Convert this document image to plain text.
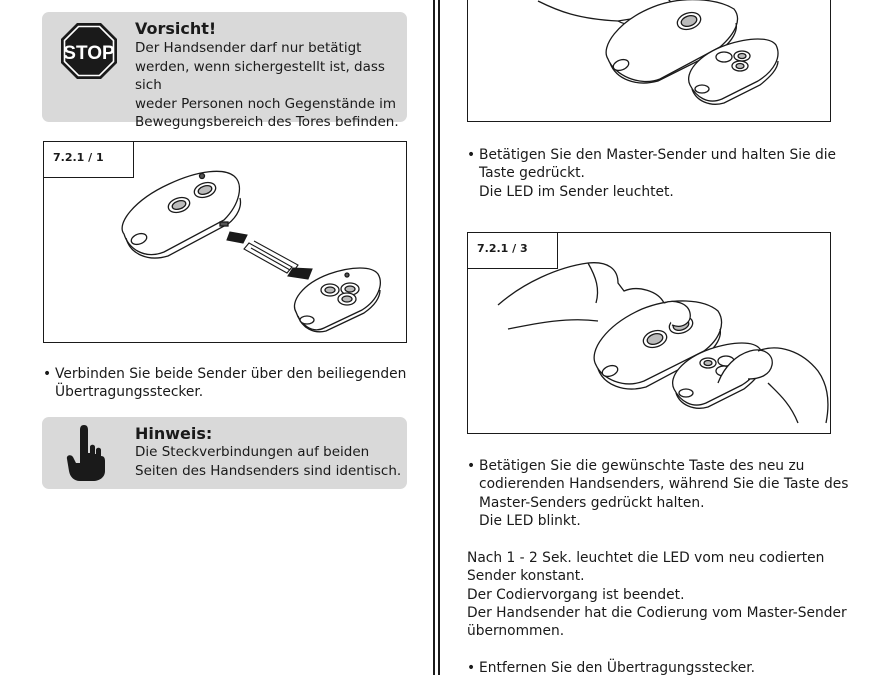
STOP
Vorsicht!
Der Handsender darf nur betätigt
werden, wenn sichergestellt ist, dass sich
weder Personen noch Gegenstände im
Bewegungsbereich des Tores befinden.
7.2.1 / 1
• Verbinden Sie beide Sender über den beiliegenden
Übertragungsstecker.
Hinweis:
Die Steckverbindungen auf beiden
Seiten des Handsenders sind identisch.
• Betätigen Sie den Master-Sender und halten Sie die
Taste gedrückt.
Die LED im Sender leuchtet.
7.2.1 / 3
• Betätigen Sie die gewünschte Taste des neu zu
codierenden Handsenders, während Sie die Taste des
Master-Senders gedrückt halten.
Die LED blinkt.
Nach 1 - 2 Sek. leuchtet die LED vom neu codierten
Sender konstant.
Der Codiervorgang ist beendet.
Der Handsender hat die Codierung vom Master-Sender
übernommen.
• Entfernen Sie den Übertragungsstecker.
